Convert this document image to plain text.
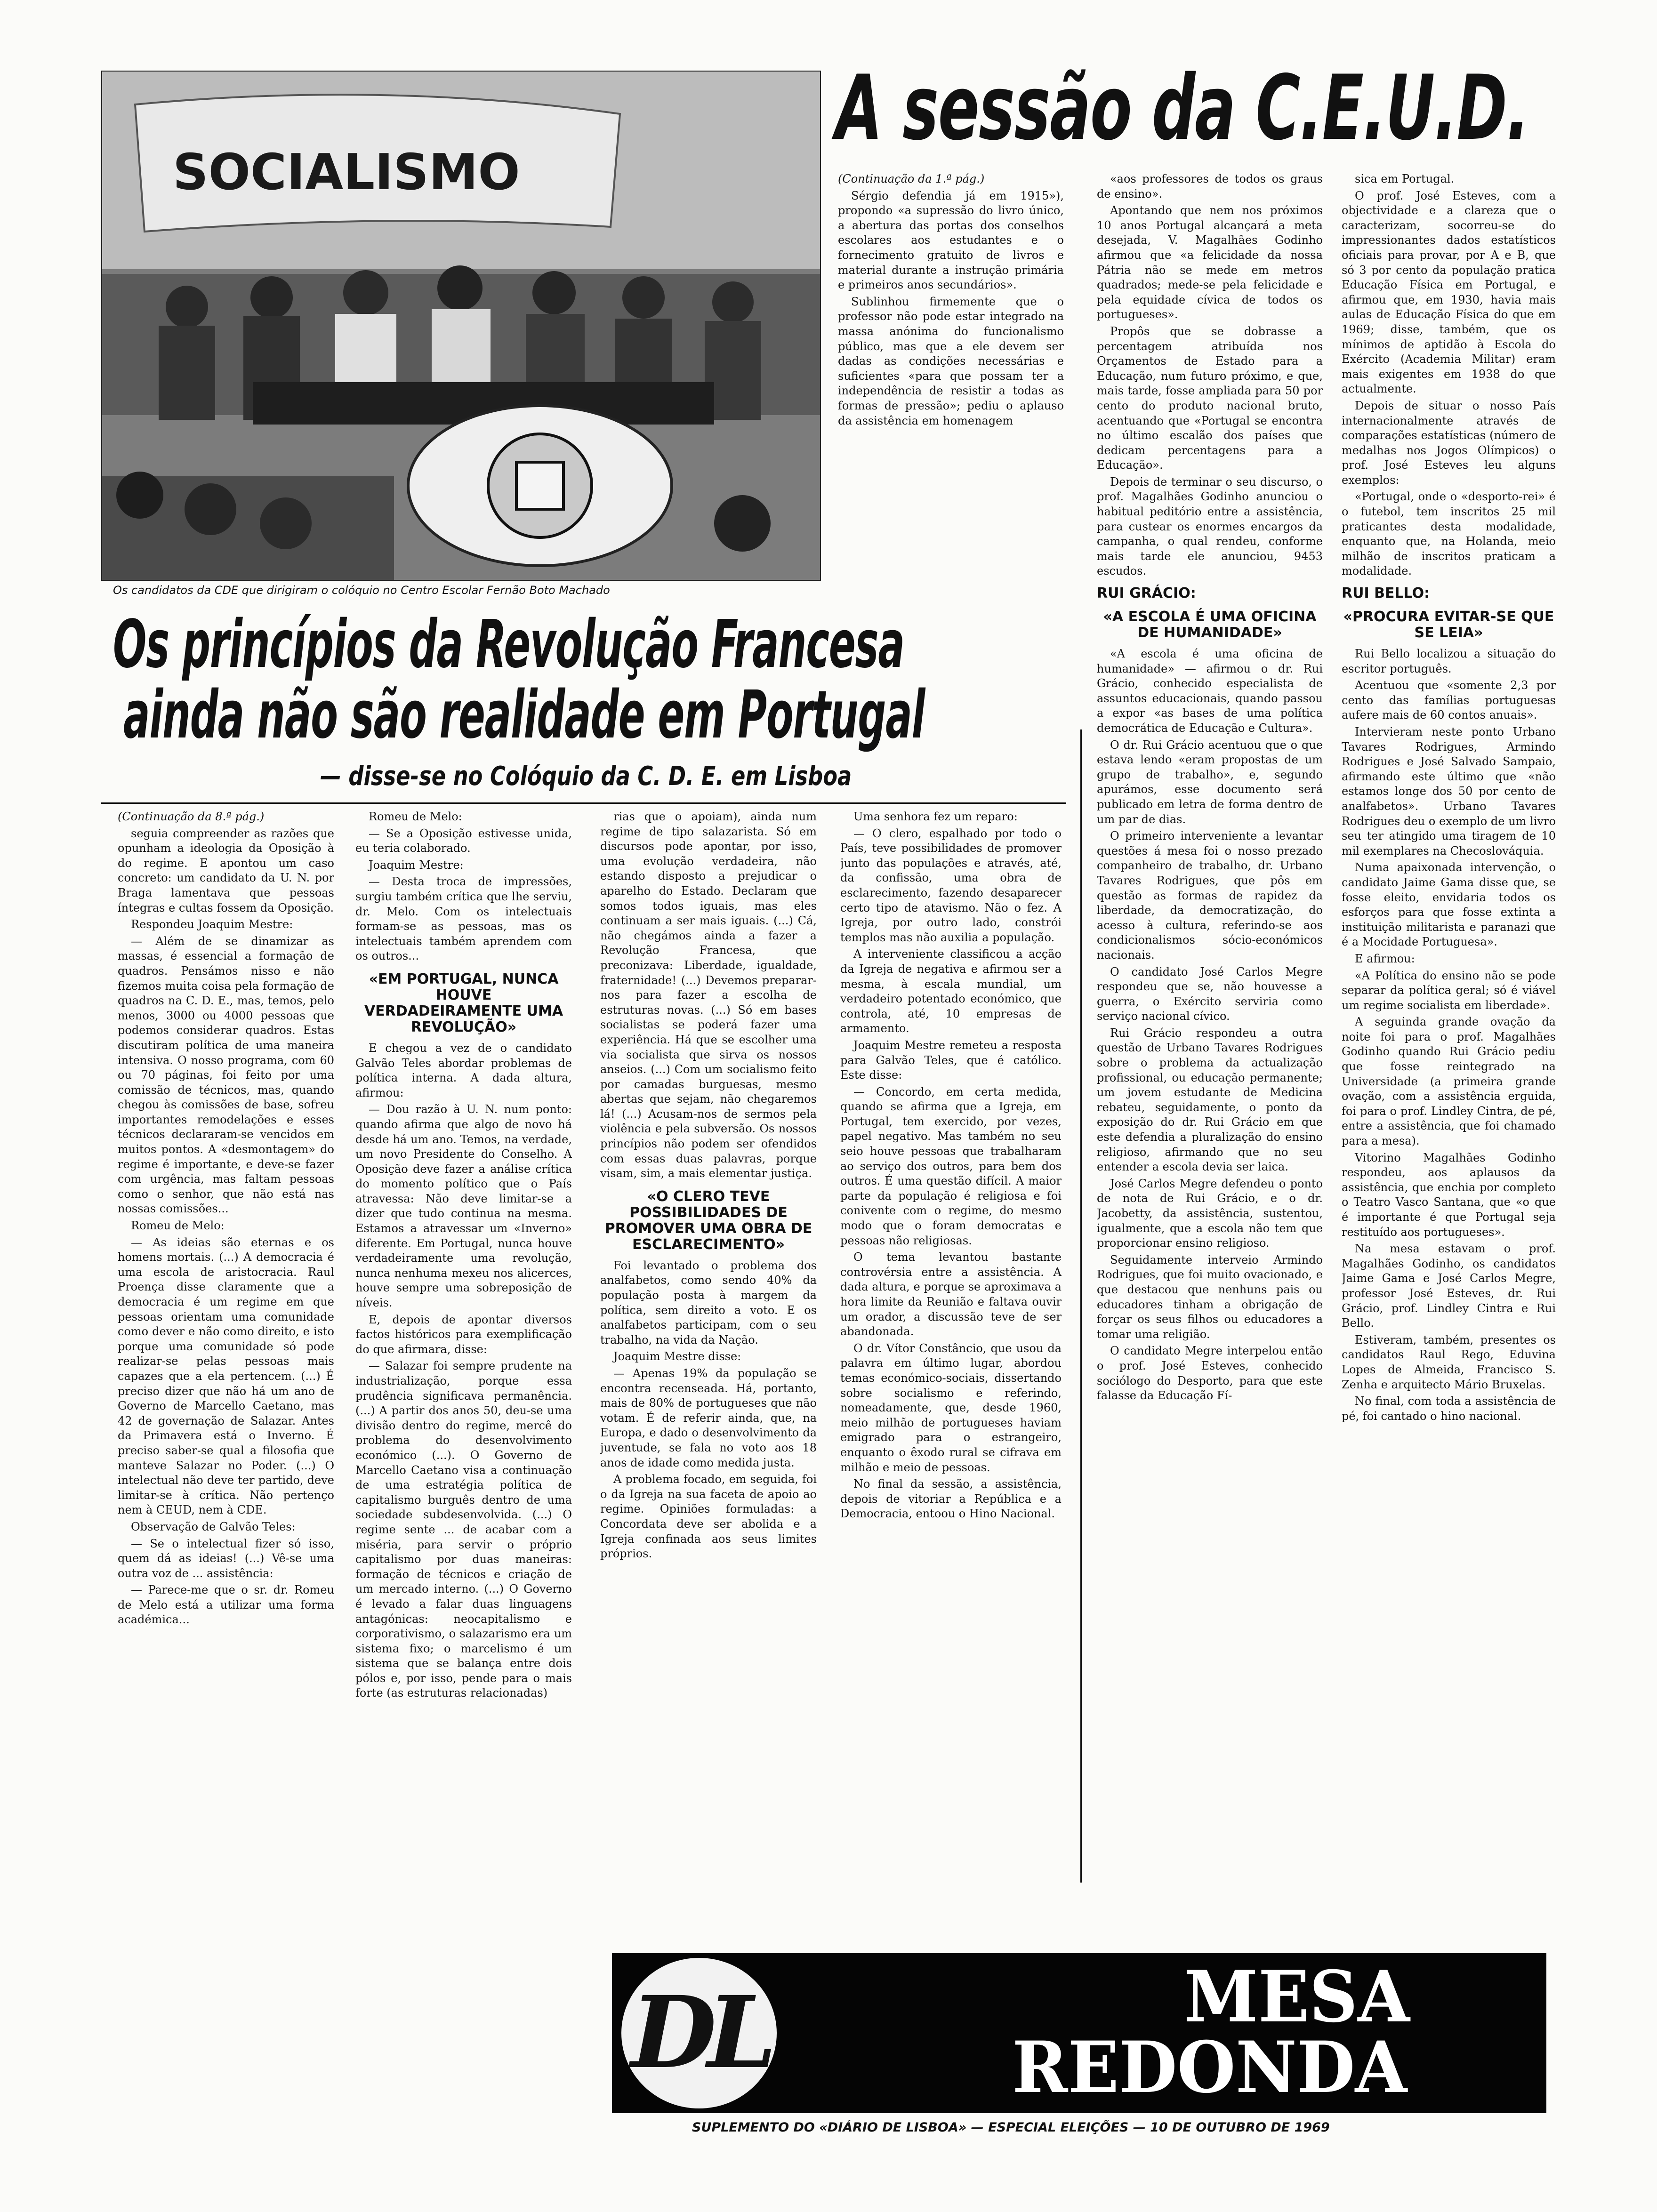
SOCIALISMO
Os candidatos da CDE que dirigiram o colóquio no Centro Escolar Fernão Boto Machado
A sessão da C.E.U.D.
Os princípios da Revolução Francesa
ainda não são realidade em Portugal
— disse-se no Colóquio da C. D. E. em Lisboa

(Continuação da 8.ª pág.)

seguia compreender as razões que opunham a ideologia da Oposição à do regime. E apontou um caso concreto: um candidato da U. N. por Braga lamentava que pessoas íntegras e cultas fossem da Oposição.

Respondeu Joaquim Mestre:

— Além de se dinamizar as massas, é essencial a formação de quadros. Pensámos nisso e não fizemos muita coisa pela formação de quadros na C. D. E., mas, temos, pelo menos, 3000 ou 4000 pessoas que podemos considerar quadros. Estas discutiram política de uma maneira intensiva. O nosso programa, com 60 ou 70 páginas, foi feito por uma comissão de técnicos, mas, quando chegou às comissões de base, sofreu importantes remodelações e esses técnicos declararam-se vencidos em muitos pontos. A «desmontagem» do regime é importante, e deve-se fazer com urgência, mas faltam pessoas como o senhor, que não está nas nossas comissões...

Romeu de Melo:

— As ideias são eternas e os homens mortais. (...) A democracia é uma escola de aristocracia. Raul Proença disse claramente que a democracia é um regime em que pessoas orientam uma comunidade como dever e não como direito, e isto porque uma comunidade só pode realizar-se pelas pessoas mais capazes que a ela pertencem. (...) É preciso dizer que não há um ano de Governo de Marcello Caetano, mas 42 de governação de Salazar. Antes da Primavera está o Inverno. É preciso saber-se qual a filosofia que manteve Salazar no Poder. (...) O intelectual não deve ter partido, deve limitar-se à crítica. Não pertenço nem à CEUD, nem à CDE.

Observação de Galvão Teles:

— Se o intelectual fizer só isso, quem dá as ideias! (...) Vê-se uma outra voz de ... assistência:

— Parece-me que o sr. dr. Romeu de Melo está a utilizar uma forma académica...

Romeu de Melo:

— Se a Oposição estivesse unida, eu teria colaborado.

Joaquim Mestre:

— Desta troca de impressões, surgiu também crítica que lhe serviu, dr. Melo. Com os intelectuais formam-se as pessoas, mas os intelectuais também aprendem com os outros...

«EM PORTUGAL, NUNCA HOUVE VERDADEIRAMENTE UMA REVOLUÇÃO»

E chegou a vez de o candidato Galvão Teles abordar problemas de política interna. A dada altura, afirmou:

— Dou razão à U. N. num ponto: quando afirma que algo de novo há desde há um ano. Temos, na verdade, um novo Presidente do Conselho. A Oposição deve fazer a análise crítica do momento político que o País atravessa: Não deve limitar-se a dizer que tudo continua na mesma. Estamos a atravessar um «Inverno» diferente. Em Portugal, nunca houve verdadeiramente uma revolução, nunca nenhuma mexeu nos alicerces, houve sempre uma sobreposição de níveis.

E, depois de apontar diversos factos históricos para exemplificação do que afirmara, disse:

— Salazar foi sempre prudente na industrialização, porque essa prudência significava permanência. (...) A partir dos anos 50, deu-se uma divisão dentro do regime, mercê do problema do desenvolvimento económico (...). O Governo de Marcello Caetano visa a continuação de uma estratégia política de capitalismo burguês dentro de uma sociedade subdesenvolvida. (...) O regime sente ... de acabar com a miséria, para servir o próprio capitalismo por duas maneiras: formação de técnicos e criação de um mercado interno. (...) O Governo é levado a falar duas linguagens antagónicas: neocapitalismo e corporativismo, o salazarismo era um sistema fixo; o marcelismo é um sistema que se balança entre dois pólos e, por isso, pende para o mais forte (as estruturas relacionadas)

rias que o apoiam), ainda num regime de tipo salazarista. Só em discursos pode apontar, por isso, uma evolução verdadeira, não estando disposto a prejudicar o aparelho do Estado. Declaram que somos todos iguais, mas eles continuam a ser mais iguais. (...) Cá, não chegámos ainda a fazer a Revolução Francesa, que preconizava: Liberdade, igualdade, fraternidade! (...) Devemos preparar-nos para fazer a escolha de estruturas novas. (...) Só em bases socialistas se poderá fazer uma experiência. Há que se escolher uma via socialista que sirva os nossos anseios. (...) Com um socialismo feito por camadas burguesas, mesmo abertas que sejam, não chegaremos lá! (...) Acusam-nos de sermos pela violência e pela subversão. Os nossos princípios não podem ser ofendidos com essas duas palavras, porque visam, sim, a mais elementar justiça.

«O CLERO TEVE POSSIBILIDADES DE PROMOVER UMA OBRA DE ESCLARECIMENTO»

Foi levantado o problema dos analfabetos, como sendo 40% da população posta à margem da política, sem direito a voto. E os analfabetos participam, com o seu trabalho, na vida da Nação.

Joaquim Mestre disse:

— Apenas 19% da população se encontra recenseada. Há, portanto, mais de 80% de portugueses que não votam. É de referir ainda, que, na Europa, e dado o desenvolvimento da juventude, se fala no voto aos 18 anos de idade como medida justa.

A problema focado, em seguida, foi o da Igreja na sua faceta de apoio ao regime. Opiniões formuladas: a Concordata deve ser abolida e a Igreja confinada aos seus limites próprios.

Uma senhora fez um reparo:

— O clero, espalhado por todo o País, teve possibilidades de promover junto das populações e através, até, da confissão, uma obra de esclarecimento, fazendo desaparecer certo tipo de atavismo. Não o fez. A Igreja, por outro lado, constrói templos mas não auxilia a população.

A interveniente classificou a acção da Igreja de negativa e afirmou ser a mesma, à escala mundial, um verdadeiro potentado económico, que controla, até, 10 empresas de armamento.

Joaquim Mestre remeteu a resposta para Galvão Teles, que é católico. Este disse:

— Concordo, em certa medida, quando se afirma que a Igreja, em Portugal, tem exercido, por vezes, papel negativo. Mas também no seu seio houve pessoas que trabalharam ao serviço dos outros, para bem dos outros. É uma questão difícil. A maior parte da população é religiosa e foi conivente com o regime, do mesmo modo que o foram democratas e pessoas não religiosas.

O tema levantou bastante controvérsia entre a assistência. A dada altura, e porque se aproximava a hora limite da Reunião e faltava ouvir um orador, a discussão teve de ser abandonada.

O dr. Vítor Constâncio, que usou da palavra em último lugar, abordou temas económico-sociais, dissertando sobre socialismo e referindo, nomeadamente, que, desde 1960, meio milhão de portugueses haviam emigrado para o estrangeiro, enquanto o êxodo rural se cifrava em milhão e meio de pessoas.

No final da sessão, a assistência, depois de vitoriar a República e a Democracia, entoou o Hino Nacional.

(Continuação da 1.ª pág.)

Sérgio defendia já em 1915»), propondo «a supressão do livro único, a abertura das portas dos conselhos escolares aos estudantes e o fornecimento gratuito de livros e material durante a instrução primária e primeiros anos secundários».

Sublinhou firmemente que o professor não pode estar integrado na massa anónima do funcionalismo público, mas que a ele devem ser dadas as condições necessárias e suficientes «para que possam ter a independência de resistir a todas as formas de pressão»; pediu o aplauso da assistência em homenagem

«aos professores de todos os graus de ensino».

Apontando que nem nos próximos 10 anos Portugal alcançará a meta desejada, V. Magalhães Godinho afirmou que «a felicidade da nossa Pátria não se mede em metros quadrados; mede-se pela felicidade e pela equidade cívica de todos os portugueses».

Propôs que se dobrasse a percentagem atribuída nos Orçamentos de Estado para a Educação, num futuro próximo, e que, mais tarde, fosse ampliada para 50 por cento do produto nacional bruto, acentuando que «Portugal se encontra no último escalão dos países que dedicam percentagens para a Educação».

Depois de terminar o seu discurso, o prof. Magalhães Godinho anunciou o habitual peditório entre a assistência, para custear os enormes encargos da campanha, o qual rendeu, conforme mais tarde ele anunciou, 9453 escudos.

RUI GRÁCIO:
«A ESCOLA É UMA OFICINA DE HUMANIDADE»

«A escola é uma oficina de humanidade» — afirmou o dr. Rui Grácio, conhecido especialista de assuntos educacionais, quando passou a expor «as bases de uma política democrática de Educação e Cultura».

O dr. Rui Grácio acentuou que o que estava lendo «eram propostas de um grupo de trabalho», e, segundo apurámos, esse documento será publicado em letra de forma dentro de um par de dias.

O primeiro interveniente a levantar questões á mesa foi o nosso prezado companheiro de trabalho, dr. Urbano Tavares Rodrigues, que pôs em questão as formas de rapidez da liberdade, da democratização, do acesso à cultura, referindo-se aos condicionalismos sócio-económicos nacionais.

O candidato José Carlos Megre respondeu que se, não houvesse a guerra, o Exército serviria como serviço nacional cívico.

Rui Grácio respondeu a outra questão de Urbano Tavares Rodrigues sobre o problema da actualização profissional, ou educação permanente; um jovem estudante de Medicina rebateu, seguidamente, o ponto da exposição do dr. Rui Grácio em que este defendia a pluralização do ensino religioso, afirmando que no seu entender a escola devia ser laica.

José Carlos Megre defendeu o ponto de nota de Rui Grácio, e o dr. Jacobetty, da assistência, sustentou, igualmente, que a escola não tem que proporcionar ensino religioso.

Seguidamente interveio Armindo Rodrigues, que foi muito ovacionado, e que destacou que nenhuns pais ou educadores tinham a obrigação de forçar os seus filhos ou educadores a tomar uma religião.

O candidato Megre interpelou então o prof. José Esteves, conhecido sociólogo do Desporto, para que este falasse da Educação Fí-

sica em Portugal.

O prof. José Esteves, com a objectividade e a clareza que o caracterizam, socorreu-se do impressionantes dados estatísticos oficiais para provar, por A e B, que só 3 por cento da população pratica Educação Física em Portugal, e afirmou que, em 1930, havia mais aulas de Educação Física do que em 1969; disse, também, que os mínimos de aptidão à Escola do Exército (Academia Militar) eram mais exigentes em 1938 do que actualmente.

Depois de situar o nosso País internacionalmente através de comparações estatísticas (número de medalhas nos Jogos Olímpicos) o prof. José Esteves leu alguns exemplos:

«Portugal, onde o «desporto-rei» é o futebol, tem inscritos 25 mil praticantes desta modalidade, enquanto que, na Holanda, meio milhão de inscritos praticam a modalidade.

RUI BELLO:
«PROCURA EVITAR-SE QUE SE LEIA»

Rui Bello localizou a situação do escritor português.

Acentuou que «somente 2,3 por cento das famílias portuguesas aufere mais de 60 contos anuais».

Intervieram neste ponto Urbano Tavares Rodrigues, Armindo Rodrigues e José Salvado Sampaio, afirmando este último que «não estamos longe dos 50 por cento de analfabetos». Urbano Tavares Rodrigues deu o exemplo de um livro seu ter atingido uma tiragem de 10 mil exemplares na Checoslováquia.

Numa apaixonada intervenção, o candidato Jaime Gama disse que, se fosse eleito, envidaria todos os esforços para que fosse extinta a instituição militarista e paranazi que é a Mocidade Portuguesa».

E afirmou:

«A Política do ensino não se pode separar da política geral; só é viável um regime socialista em liberdade».

A seguinda grande ovação da noite foi para o prof. Magalhães Godinho quando Rui Grácio pediu que fosse reintegrado na Universidade (a primeira grande ovação, com a assistência erguida, foi para o prof. Lindley Cintra, de pé, entre a assistência, que foi chamado para a mesa).

Vitorino Magalhães Godinho respondeu, aos aplausos da assistência, que enchia por completo o Teatro Vasco Santana, que «o que é importante é que Portugal seja restituído aos portugueses».

Na mesa estavam o prof. Magalhães Godinho, os candidatos Jaime Gama e José Carlos Megre, professor José Esteves, dr. Rui Grácio, prof. Lindley Cintra e Rui Bello.

Estiveram, também, presentes os candidatos Raul Rego, Eduvina Lopes de Almeida, Francisco S. Zenha e arquitecto Mário Bruxelas.

No final, com toda a assistência de pé, foi cantado o hino nacional.

DL	MESA
REDONDA
SUPLEMENTO DO «DIÁRIO DE LISBOA» — ESPECIAL ELEIÇÕES — 10 DE OUTUBRO DE 1969
